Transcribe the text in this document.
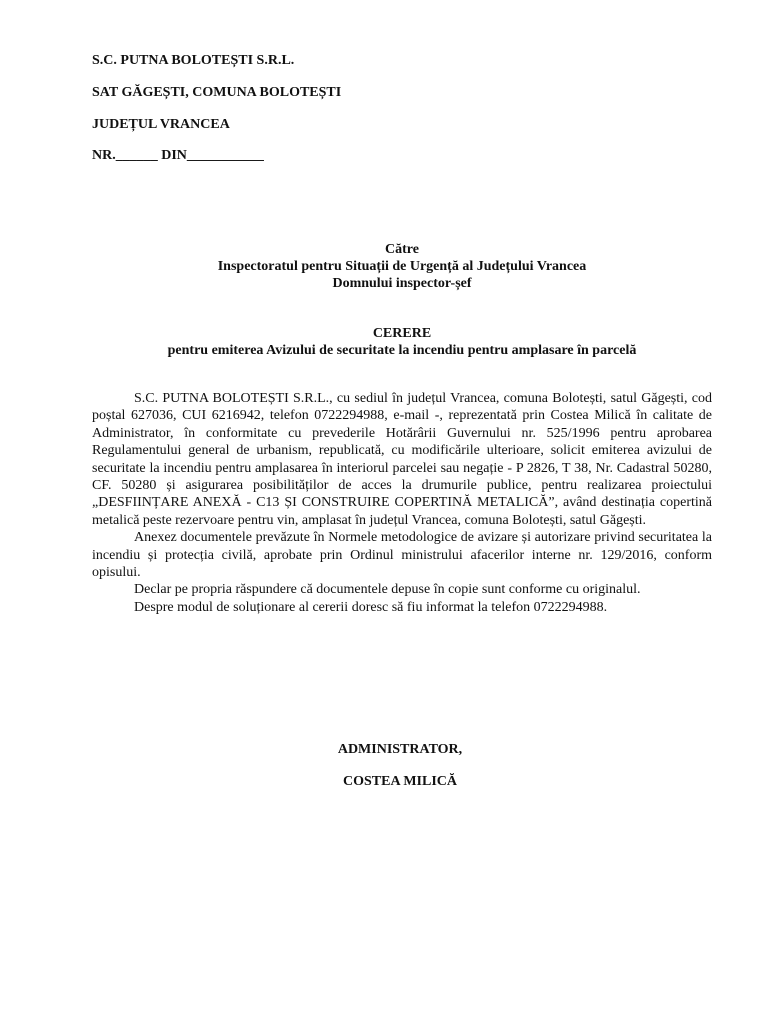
S.C. PUTNA BOLOTEȘTI S.R.L.
SAT GĂGEȘTI, COMUNA BOLOTEȘTI
JUDEȚUL VRANCEA
NR.______ DIN___________
Către
Inspectoratul pentru Situații de Urgență al Județului Vrancea
Domnului inspector-șef
CERERE
pentru emiterea Avizului de securitate la incendiu pentru amplasare în parcelă

S.C. PUTNA BOLOTEȘTI S.R.L., cu sediul în județul Vrancea, comuna Bolotești, satul Găgești, cod poștal 627036, CUI 6216942, telefon 0722294988, e-mail -, reprezentată prin Costea Milică în calitate de Administrator, în conformitate cu prevederile Hotărârii Guvernului nr. 525/1996 pentru aprobarea Regulamentului general de urbanism, republicată, cu modificările ulterioare, solicit emiterea avizului de securitate la incendiu pentru amplasarea în interiorul parcelei sau negație - P 2826, T 38, Nr. Cadastral 50280, CF. 50280 și asigurarea posibilităților de acces la drumurile publice, pentru realizarea proiectului „DESFIINȚARE ANEXĂ - C13 ȘI CONSTRUIRE COPERTINĂ METALICĂ”, având destinația copertină metalică peste rezervoare pentru vin, amplasat în județul Vrancea, comuna Bolotești, satul Găgești.

Anexez documentele prevăzute în Normele metodologice de avizare și autorizare privind securitatea la incendiu și protecția civilă, aprobate prin Ordinul ministrului afacerilor interne nr. 129/2016, conform opisului.

Declar pe propria răspundere că documentele depuse în copie sunt conforme cu originalul.

Despre modul de soluționare al cererii doresc să fiu informat la telefon 0722294988.

ADMINISTRATOR,
COSTEA MILICĂ
